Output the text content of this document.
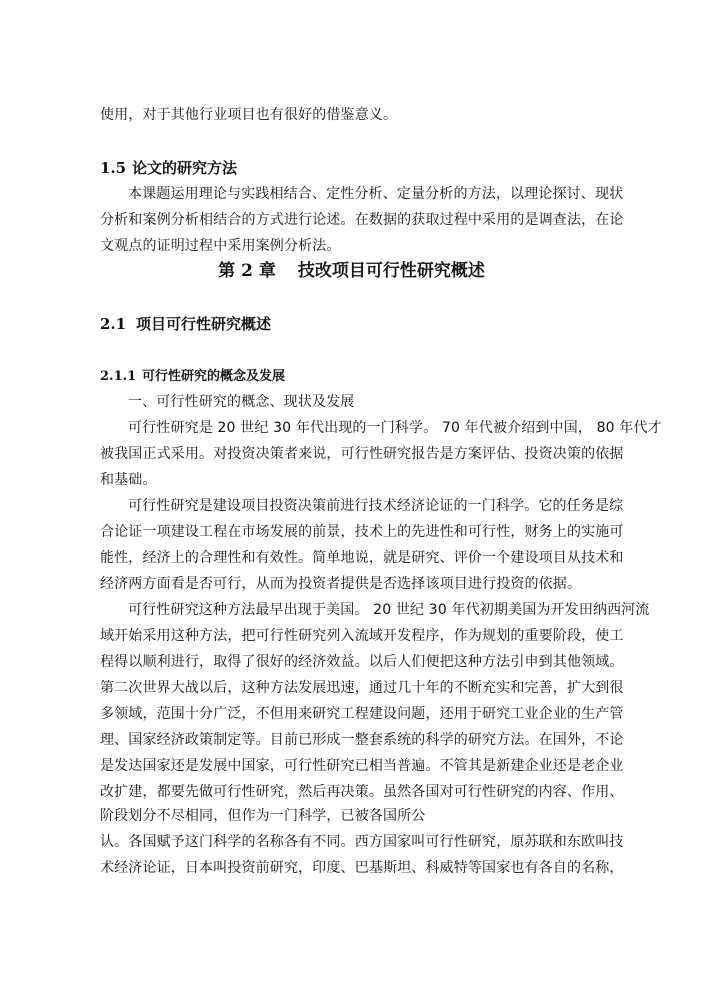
使用，对于其他行业项目也有很好的借鉴意义。
1.5 论文的研究方法
本课题运用理论与实践相结合、定性分析、定量分析的方法，以理论探讨、现状
分析和案例分析相结合的方式进行论述。在数据的获取过程中采用的是调查法，在论
文观点的证明过程中采用案例分析法。
第 2 章 技改项目可行性研究概述
2.1 项目可行性研究概述
2.1.1 可行性研究的概念及发展
一、可行性研究的概念、现状及发展
可行性研究是 20 世纪 30 年代出现的一门科学。 70 年代被介绍到中国， 80 年代才
被我国正式采用。对投资决策者来说，可行性研究报告是方案评估、投资决策的依据
和基础。
可行性研究是建设项目投资决策前进行技术经济论证的一门科学。它的任务是综
合论证一项建设工程在市场发展的前景，技术上的先进性和可行性，财务上的实施可
能性，经济上的合理性和有效性。简单地说，就是研究、评价一个建设项目从技术和
经济两方面看是否可行，从而为投资者提供是否选择该项目进行投资的依据。
可行性研究这种方法最早出现于美国。 20 世纪 30 年代初期美国为开发田纳西河流
域开始采用这种方法，把可行性研究列入流域开发程序，作为规划的重要阶段，使工
程得以顺利进行，取得了很好的经济效益。以后人们便把这种方法引申到其他领域。
第二次世界大战以后，这种方法发展迅速，通过几十年的不断充实和完善，扩大到很
多领域，范围十分广泛，不但用来研究工程建设问题，还用于研究工业企业的生产管
理、国家经济政策制定等。目前已形成一整套系统的科学的研究方法。在国外，不论
是发达国家还是发展中国家，可行性研究已相当普遍。不管其是新建企业还是老企业
改扩建，都要先做可行性研究，然后再决策。虽然各国对可行性研究的内容、作用、
阶段划分不尽相同，但作为一门科学，已被各国所公
认。各国赋予这门科学的名称各有不同。西方国家叫可行性研究，原苏联和东欧叫技
术经济论证，日本叫投资前研究，印度、巴基斯坦、科威特等国家也有各自的名称，
